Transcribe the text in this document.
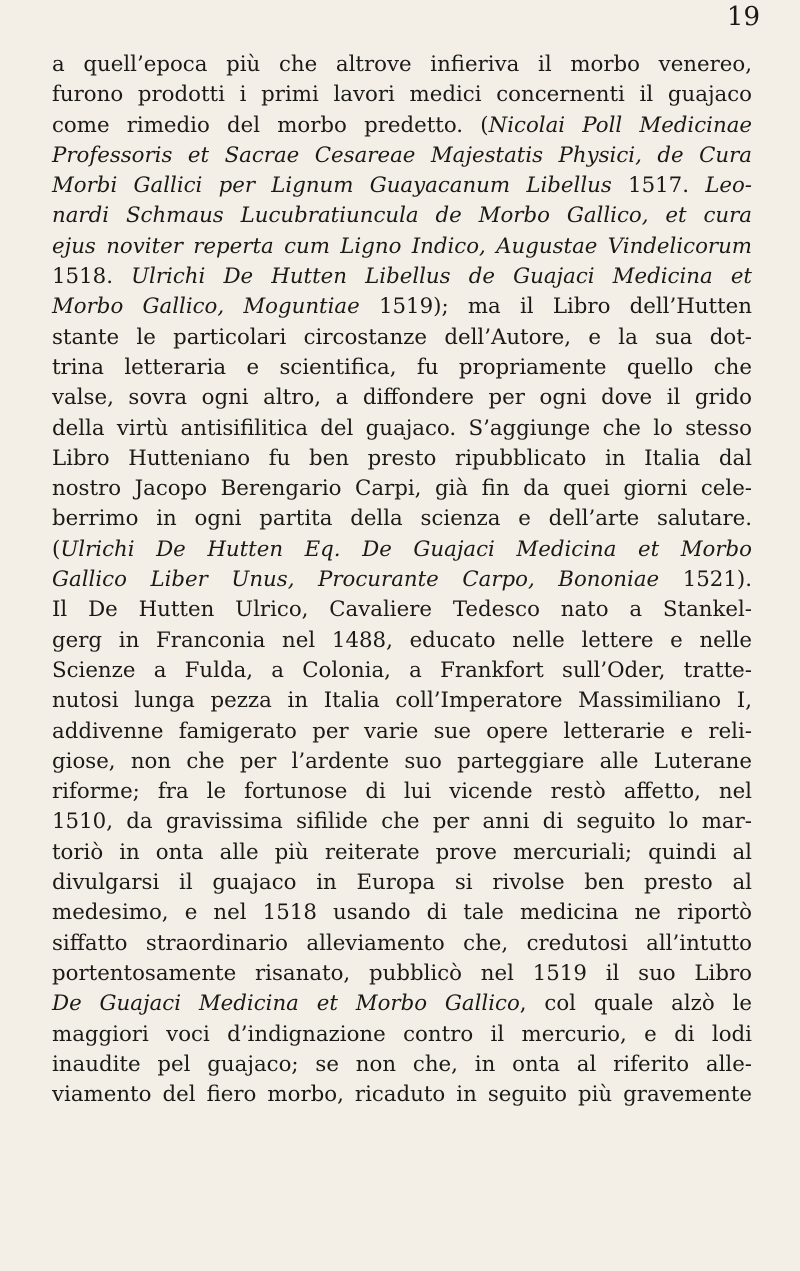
19
a quell’epoca più che altrove infieriva il morbo venereo,
furono prodotti i primi lavori medici concernenti il guajaco
come rimedio del morbo predetto. (Nicolai Poll Medicinae
Professoris et Sacrae Cesareae Majestatis Physici, de Cura
Morbi Gallici per Lignum Guayacanum Libellus 1517. Leo-
nardi Schmaus Lucubratiuncula de Morbo Gallico, et cura
ejus noviter reperta cum Ligno Indico, Augustae Vindelicorum
1518. Ulrichi De Hutten Libellus de Guajaci Medicina et
Morbo Gallico, Moguntiae 1519); ma il Libro dell’Hutten
stante le particolari circostanze dell’Autore, e la sua dot-
trina letteraria e scientifica, fu propriamente quello che
valse, sovra ogni altro, a diffondere per ogni dove il grido
della virtù antisifilitica del guajaco. S’aggiunge che lo stesso
Libro Hutteniano fu ben presto ripubblicato in Italia dal
nostro Jacopo Berengario Carpi, già fin da quei giorni cele-
berrimo in ogni partita della scienza e dell’arte salutare.
(Ulrichi De Hutten Eq. De Guajaci Medicina et Morbo
Gallico Liber Unus, Procurante Carpo, Bononiae 1521).
Il De Hutten Ulrico, Cavaliere Tedesco nato a Stankel-
gerg in Franconia nel 1488, educato nelle lettere e nelle
Scienze a Fulda, a Colonia, a Frankfort sull’Oder, tratte-
nutosi lunga pezza in Italia coll’Imperatore Massimiliano I,
addivenne famigerato per varie sue opere letterarie e reli-
giose, non che per l’ardente suo parteggiare alle Luterane
riforme; fra le fortunose di lui vicende restò affetto, nel
1510, da gravissima sifilide che per anni di seguito lo mar-
toriò in onta alle più reiterate prove mercuriali; quindi al
divulgarsi il guajaco in Europa si rivolse ben presto al
medesimo, e nel 1518 usando di tale medicina ne riportò
siffatto straordinario alleviamento che, credutosi all’intutto
portentosamente risanato, pubblicò nel 1519 il suo Libro
De Guajaci Medicina et Morbo Gallico, col quale alzò le
maggiori voci d’indignazione contro il mercurio, e di lodi
inaudite pel guajaco; se non che, in onta al riferito alle-
viamento del fiero morbo, ricaduto in seguito più gravemente
